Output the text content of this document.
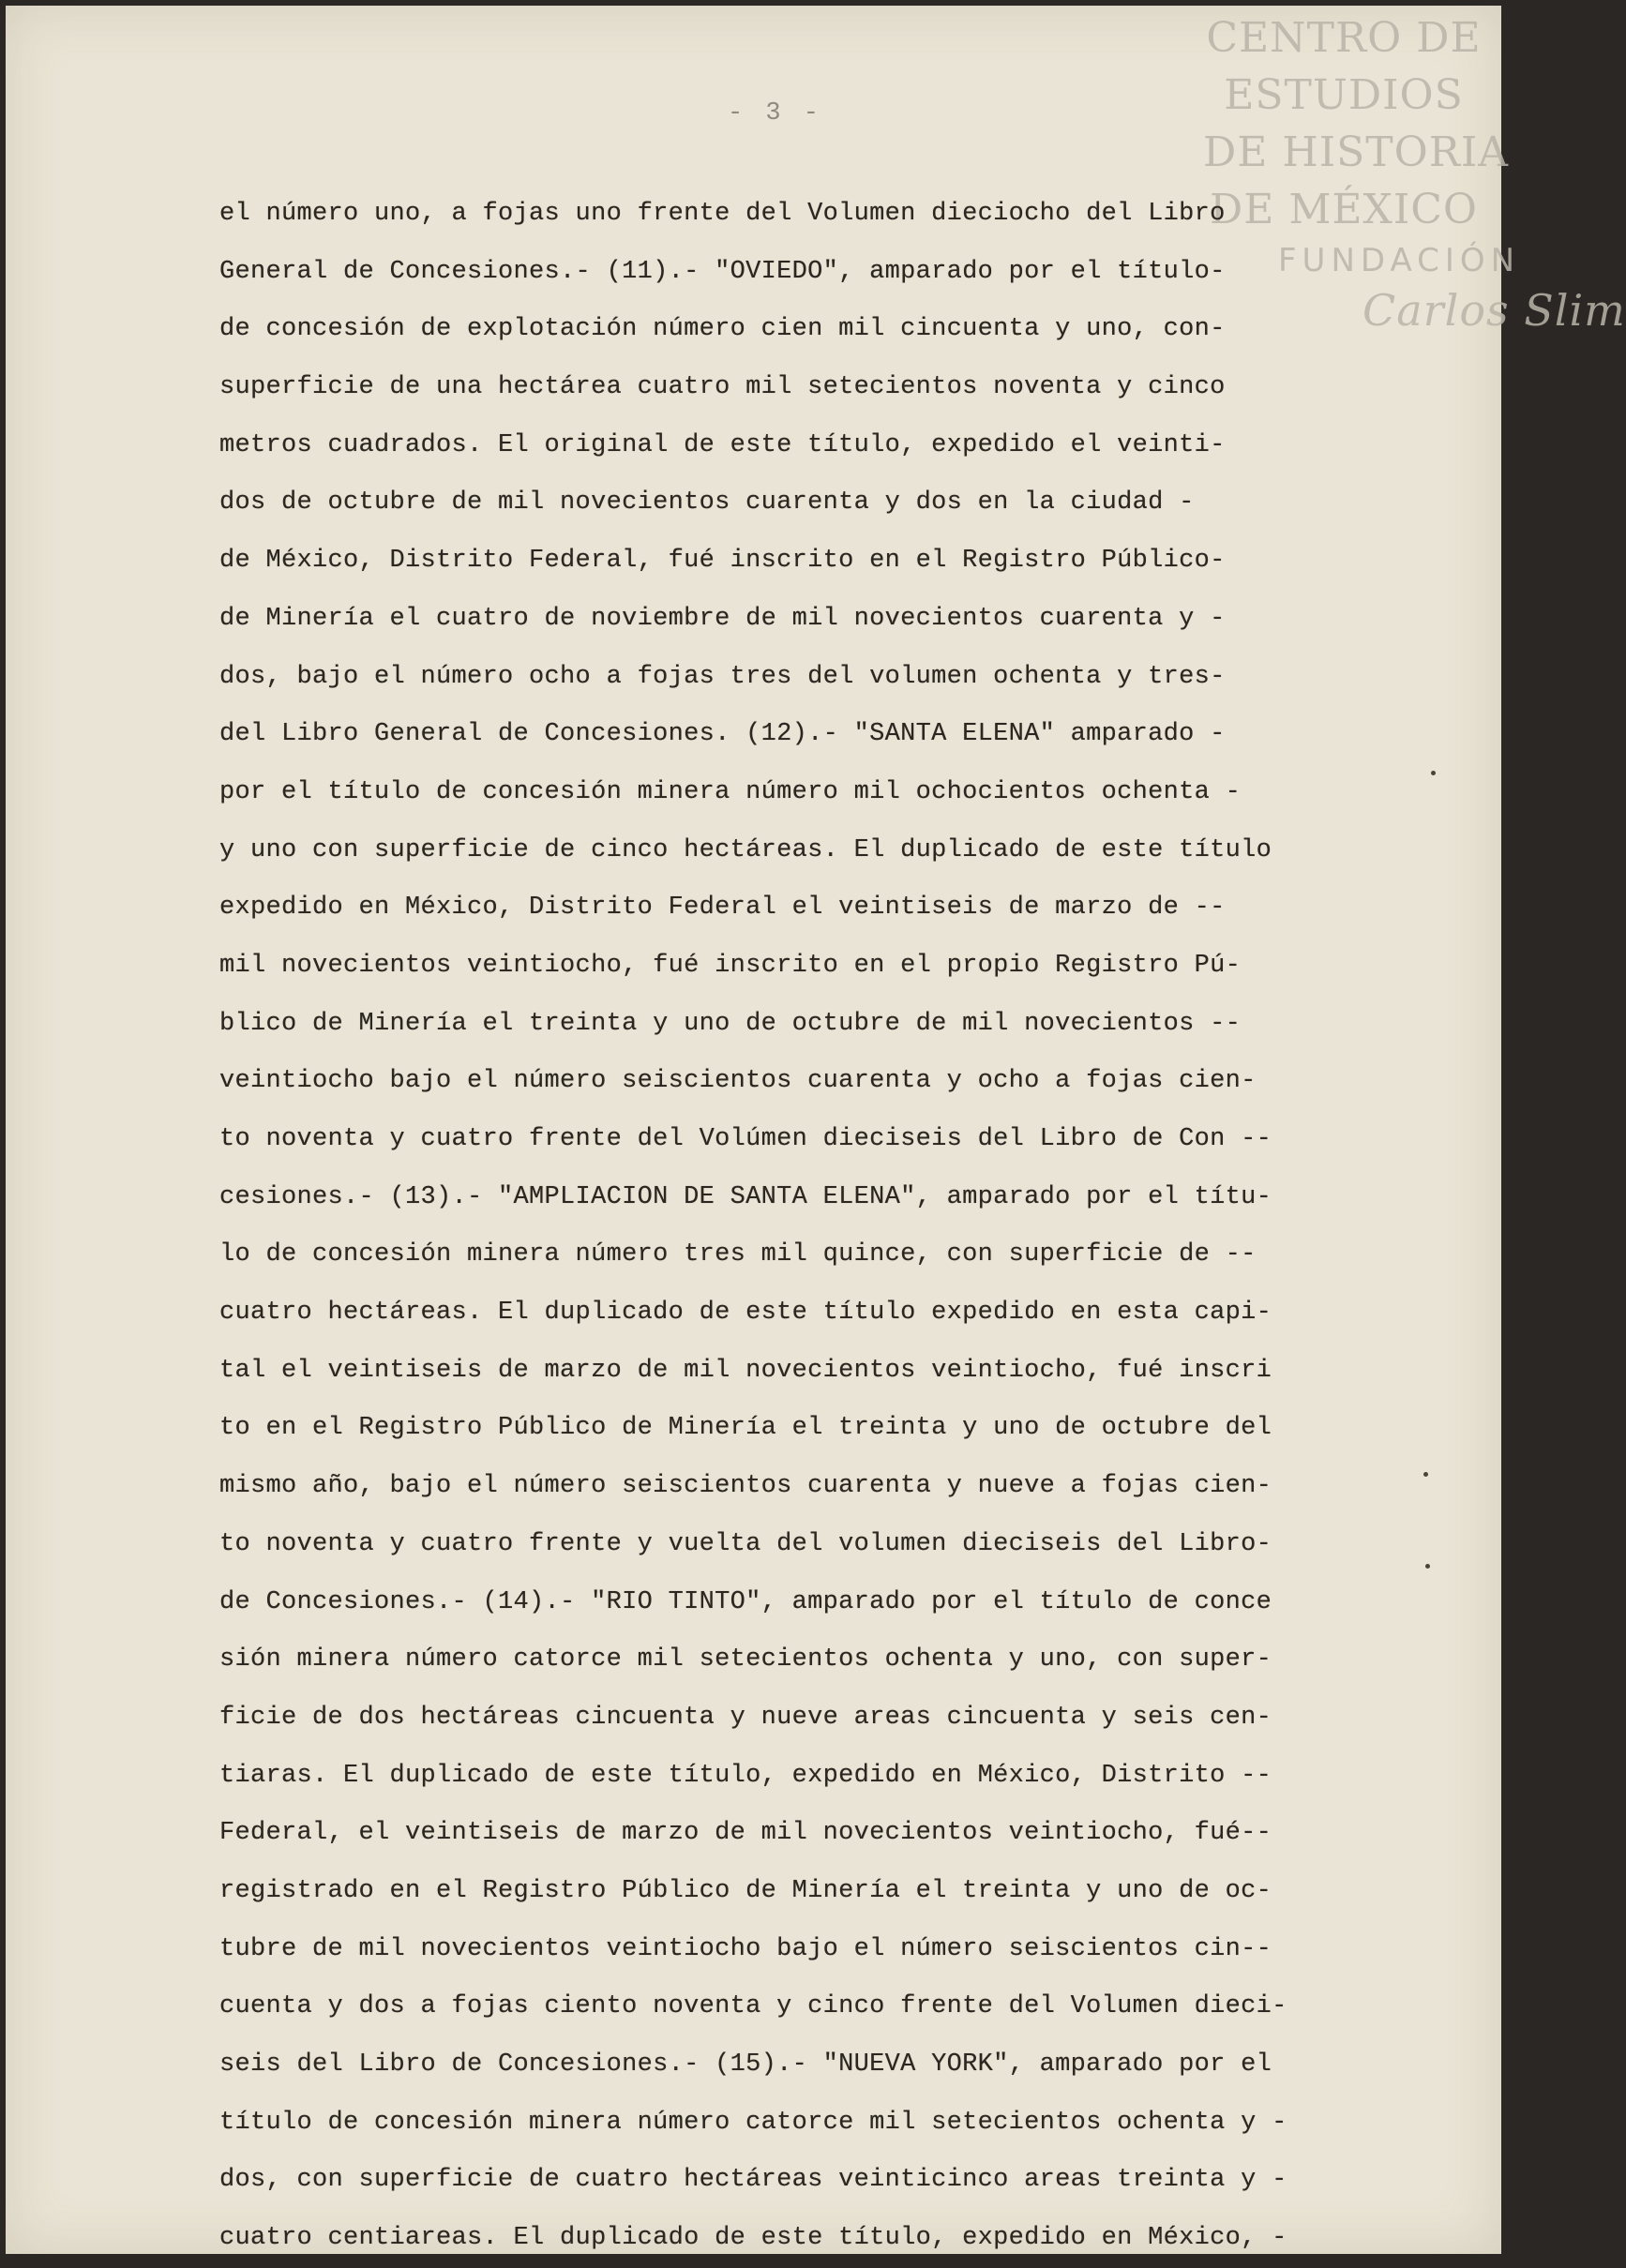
CENTRO DE
ESTUDIOS
DE HISTORIA
DE MÉXICO
FUNDACIÓN
Carlos Slim
- 3 -
el número uno, a fojas uno frente del Volumen dieciocho del Libro
General de Concesiones.- (11).- "OVIEDO", amparado por el título-
de concesión de explotación número cien mil cincuenta y uno, con-
superficie de una hectárea cuatro mil setecientos noventa y cinco
metros cuadrados. El original de este título, expedido el veinti-
dos de octubre de mil novecientos cuarenta y dos en la ciudad -
de México, Distrito Federal, fué inscrito en el Registro Público-
de Minería el cuatro de noviembre de mil novecientos cuarenta y -
dos, bajo el número ocho a fojas tres del volumen ochenta y tres-
del Libro General de Concesiones. (12).- "SANTA ELENA" amparado -
por el título de concesión minera número mil ochocientos ochenta -
y uno con superficie de cinco hectáreas. El duplicado de este título
expedido en México, Distrito Federal el veintiseis de marzo de --
mil novecientos veintiocho, fué inscrito en el propio Registro Pú-
blico de Minería el treinta y uno de octubre de mil novecientos --
veintiocho bajo el número seiscientos cuarenta y ocho a fojas cien-
to noventa y cuatro frente del Volúmen dieciseis del Libro de Con --
cesiones.- (13).- "AMPLIACION DE SANTA ELENA", amparado por el títu-
lo de concesión minera número tres mil quince, con superficie de --
cuatro hectáreas. El duplicado de este título expedido en esta capi-
tal el veintiseis de marzo de mil novecientos veintiocho, fué inscri
to en el Registro Público de Minería el treinta y uno de octubre del
mismo año, bajo el número seiscientos cuarenta y nueve a fojas cien-
to noventa y cuatro frente y vuelta del volumen dieciseis del Libro-
de Concesiones.- (14).- "RIO TINTO", amparado por el título de conce
sión minera número catorce mil setecientos ochenta y uno, con super-
ficie de dos hectáreas cincuenta y nueve areas cincuenta y seis cen-
tiaras. El duplicado de este título, expedido en México, Distrito --
Federal, el veintiseis de marzo de mil novecientos veintiocho, fué--
registrado en el Registro Público de Minería el treinta y uno de oc-
tubre de mil novecientos veintiocho bajo el número seiscientos cin--
cuenta y dos a fojas ciento noventa y cinco frente del Volumen dieci-
seis del Libro de Concesiones.- (15).- "NUEVA YORK", amparado por el
título de concesión minera número catorce mil setecientos ochenta y -
dos, con superficie de cuatro hectáreas veinticinco areas treinta y -
cuatro centiareas. El duplicado de este título, expedido en México, -
